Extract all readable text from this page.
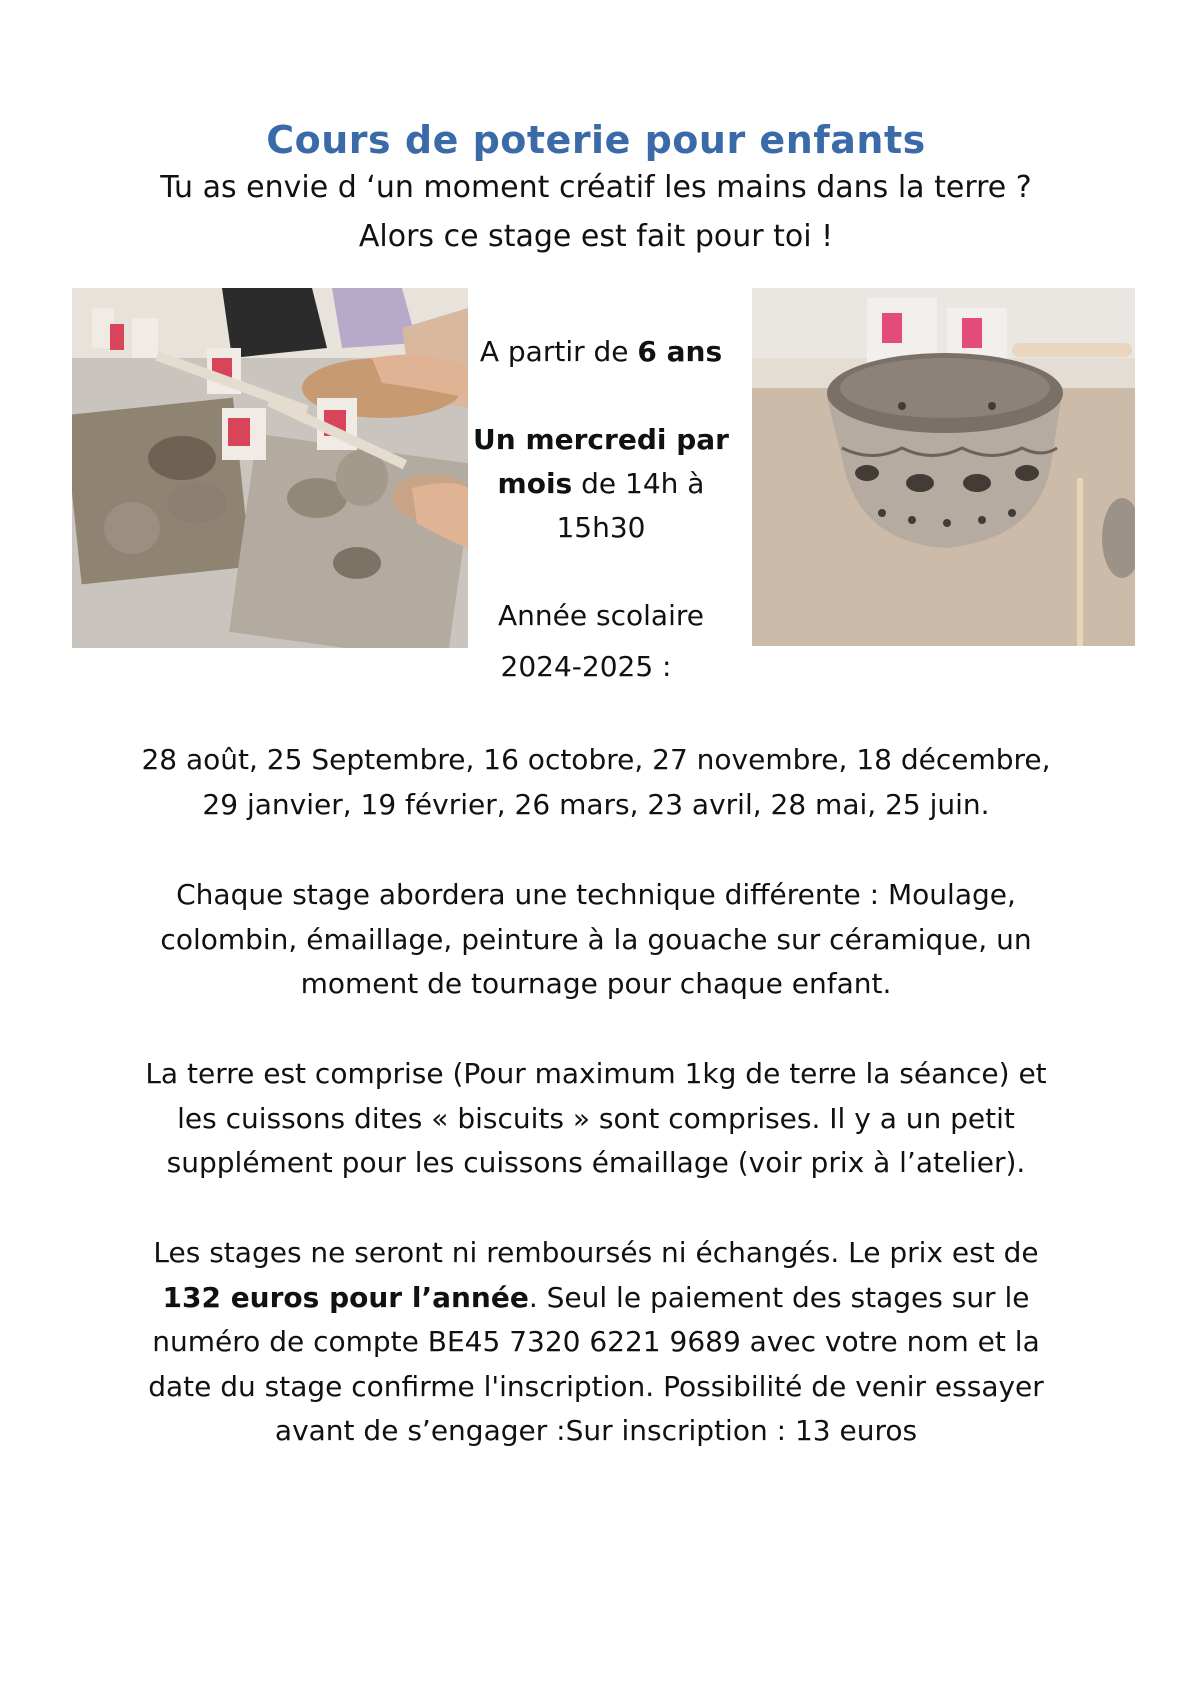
Cours de poterie pour enfants
Tu as envie d ‘un moment créatif les mains dans la terre ?
Alors ce stage est fait pour toi !
A partir de 6 ans
Un mercredi par
mois de 14h à
15h30
Année scolaire
2024-2025 :
28 août, 25 Septembre, 16 octobre, 27 novembre, 18 décembre,
29 janvier, 19 février, 26 mars, 23 avril, 28 mai, 25 juin.
Chaque stage abordera une technique différente : Moulage,
colombin, émaillage, peinture à la gouache sur céramique, un
moment de tournage pour chaque enfant.
La terre est comprise (Pour maximum 1kg de terre la séance) et
les cuissons dites « biscuits » sont comprises. Il y a un petit
supplément pour les cuissons émaillage (voir prix à l’atelier).
Les stages ne seront ni remboursés ni échangés. Le prix est de
132 euros pour l’année. Seul le paiement des stages sur le
numéro de compte BE45 7320 6221 9689 avec votre nom et la
date du stage confirme l'inscription. Possibilité de venir essayer
avant de s’engager :Sur inscription : 13 euros
